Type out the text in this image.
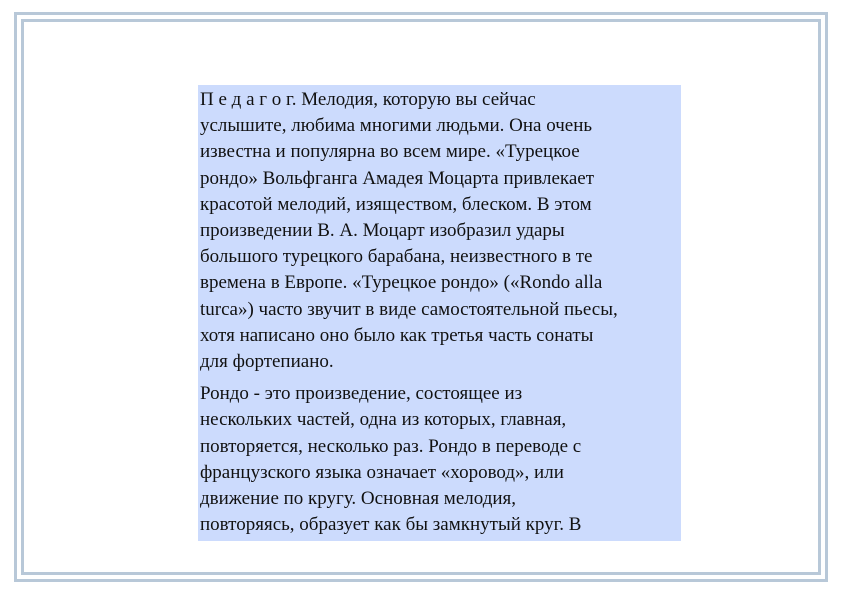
П е д а г о г. Мелодия, которую вы сейчас
услышите, любима многими людьми. Она очень
известна и популярна во всем мире. «Турецкое
рондо» Вольфганга Амадея Моцарта привлекает
красотой мелодий, изяществом, блеском. В этом
произведении В. А. Моцарт изобразил удары
большого турецкого барабана, неизвестного в те
времена в Европе. «Турецкое рондо» («Rondo alla
turca») часто звучит в виде самостоятельной пьесы,
хотя написано оно было как третья часть сонаты
для фортепиано.

Рондо - это произведение, состоящее из
нескольких частей, одна из которых, главная,
повторяется, несколько раз. Рондо в переводе с
французского языка означает «хоровод», или
движение по кругу. Основная мелодия,
повторяясь, образует как бы замкнутый круг. В
